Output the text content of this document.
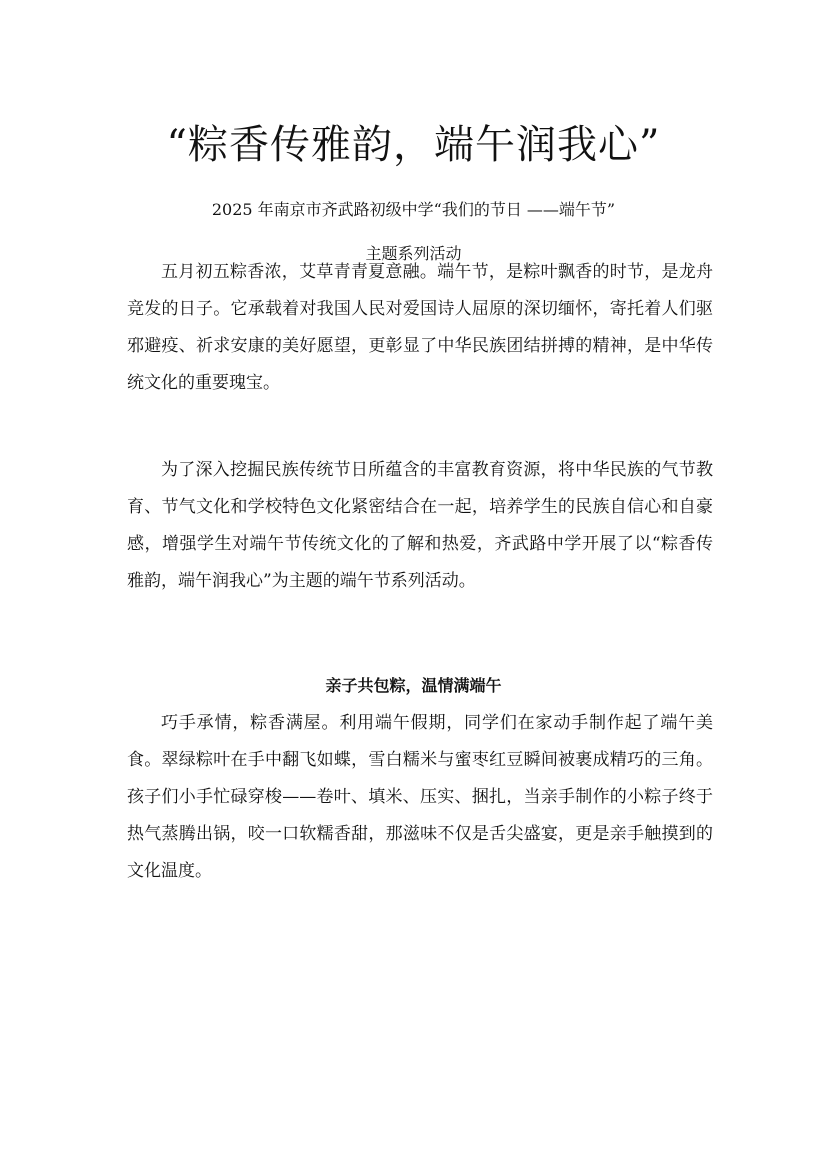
“粽香传雅韵，端午润我心”

2025 年南京市齐武路初级中学“我们的节日 ——端午节”

主题系列活动

五月初五粽香浓，艾草青青夏意融。端午节，是粽叶飘香的时节，是龙舟竞发的日子。它承载着对我国人民对爱国诗人屈原的深切缅怀，寄托着人们驱邪避疫、祈求安康的美好愿望，更彰显了中华民族团结拼搏的精神，是中华传统文化的重要瑰宝。

为了深入挖掘民族传统节日所蕴含的丰富教育资源，将中华民族的气节教育、节气文化和学校特色文化紧密结合在一起，培养学生的民族自信心和自豪感，增强学生对端午节传统文化的了解和热爱，齐武路中学开展了以“粽香传雅韵，端午润我心”为主题的端午节系列活动。

亲子共包粽，温情满端午

巧手承情，粽香满屋。利用端午假期，同学们在家动手制作起了端午美食。翠绿粽叶在手中翻飞如蝶，雪白糯米与蜜枣红豆瞬间被裹成精巧的三角。孩子们小手忙碌穿梭——卷叶、填米、压实、捆扎，当亲手制作的小粽子终于热气蒸腾出锅，咬一口软糯香甜，那滋味不仅是舌尖盛宴，更是亲手触摸到的文化温度。
